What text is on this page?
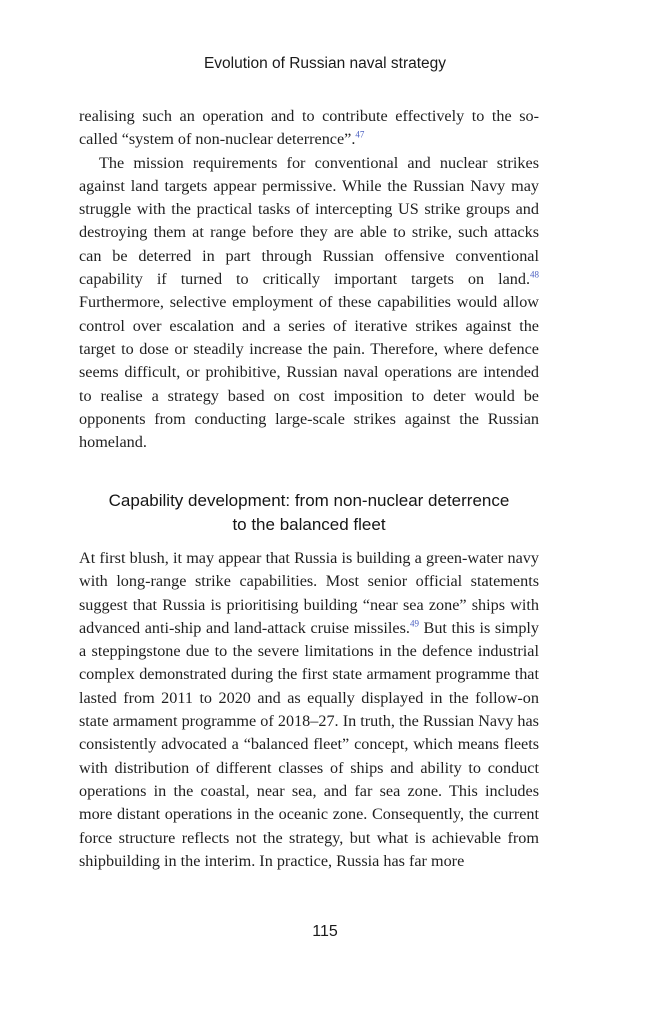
Evolution of Russian naval strategy

realising such an operation and to contribute effectively to the so-called “system of non-nuclear deterrence”.$^{47}$

The mission requirements for conventional and nuclear strikes against land targets appear permissive. While the Russian Navy may struggle with the practical tasks of intercepting US strike groups and destroying them at range before they are able to strike, such attacks can be deterred in part through Russian offensive conventional capability if turned to critically important targets on land.$^{48}$ Furthermore, selective employment of these capabilities would allow control over escalation and a series of iterative strikes against the target to dose or steadily increase the pain. Therefore, where defence seems difficult, or prohibitive, Russian naval operations are intended to realise a strategy based on cost imposition to deter would be opponents from conducting large-scale strikes against the Russian homeland.

Capability development: from non-nuclear deterrence
to the balanced fleet

At first blush, it may appear that Russia is building a green-water navy with long-range strike capabilities. Most senior official statements suggest that Russia is prioritising building “near sea zone” ships with advanced anti-ship and land-attack cruise missiles.$^{49}$ But this is simply a steppingstone due to the severe limitations in the defence industrial complex demonstrated during the first state armament programme that lasted from 2011 to 2020 and as equally displayed in the follow-on state armament programme of 2018–27. In truth, the Russian Navy has consistently advocated a “balanced fleet” concept, which means fleets with distribution of different classes of ships and ability to conduct operations in the coastal, near sea, and far sea zone. This includes more distant operations in the oceanic zone. Consequently, the current force structure reflects not the strategy, but what is achievable from shipbuilding in the interim. In practice, Russia has far more

115
